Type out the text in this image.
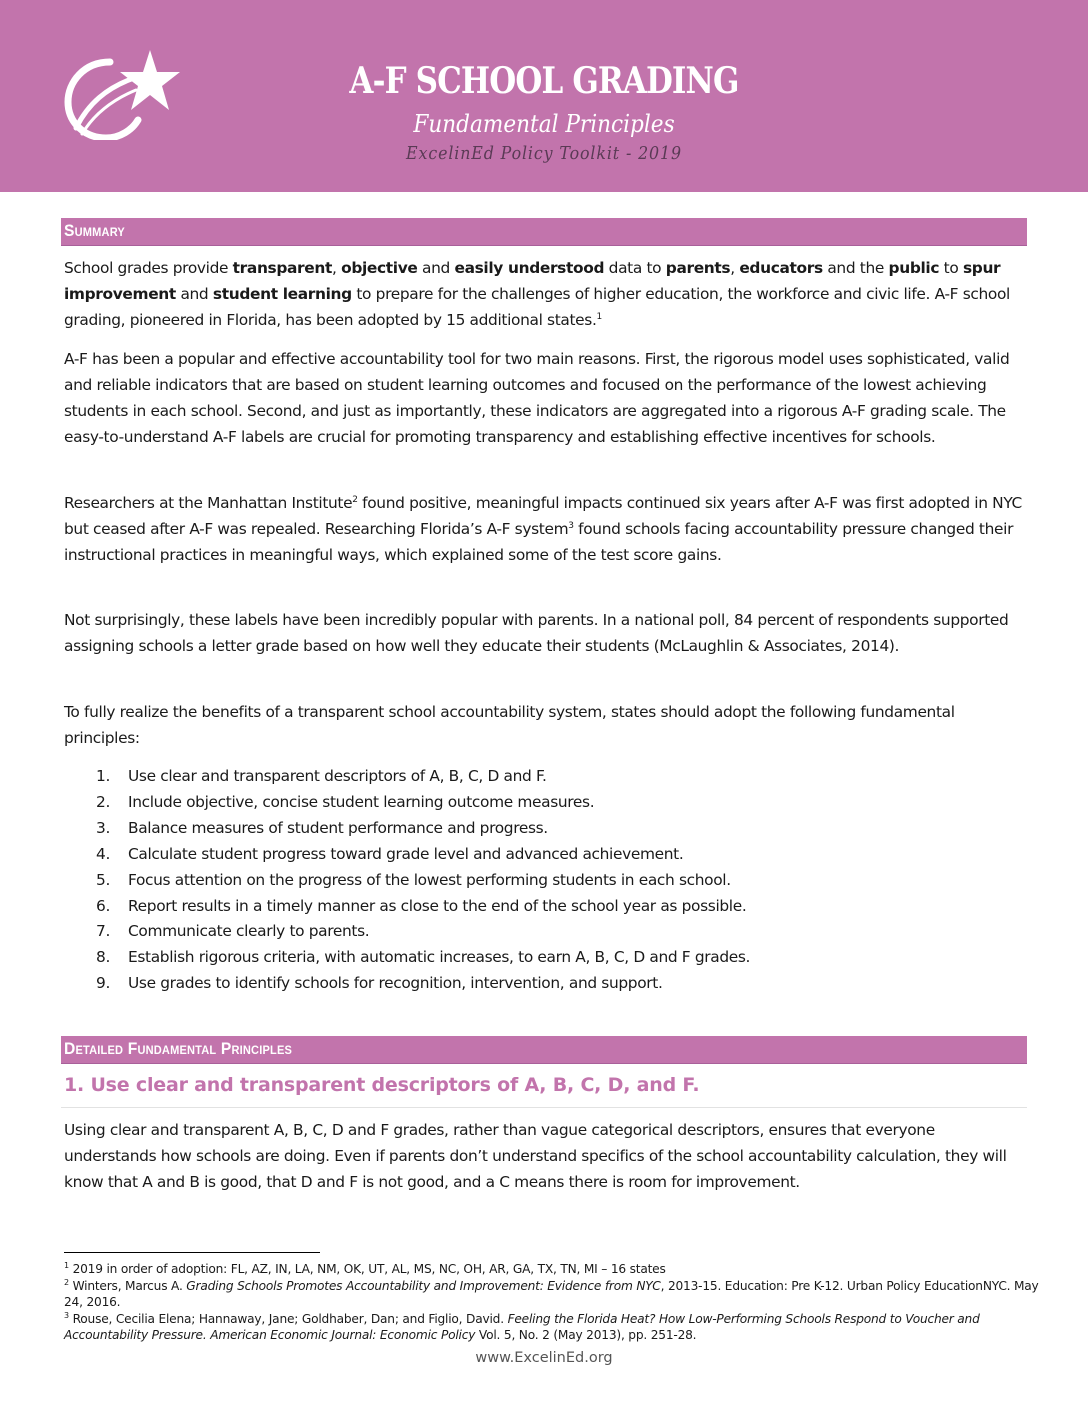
A-F SCHOOL GRADING
Fundamental Principles
ExcelinEd Policy Toolkit - 2019
Summary

School grades provide transparent, objective and easily understood data to parents, educators and the public to spur improvement and student learning to prepare for the challenges of higher education, the workforce and civic life. A-F school grading, pioneered in Florida, has been adopted by 15 additional states.$^1$

A-F has been a popular and effective accountability tool for two main reasons. First, the rigorous model uses sophisticated, valid and reliable indicators that are based on student learning outcomes and focused on the performance of the lowest achieving students in each school. Second, and just as importantly, these indicators are aggregated into a rigorous A-F grading scale. The easy-to-understand A-F labels are crucial for promoting transparency and establishing effective incentives for schools.

Researchers at the Manhattan Institute$^2$ found positive, meaningful impacts continued six years after A-F was first adopted in NYC but ceased after A-F was repealed. Researching Florida’s A-F system$^3$ found schools facing accountability pressure changed their instructional practices in meaningful ways, which explained some of the test score gains.

Not surprisingly, these labels have been incredibly popular with parents. In a national poll, 84 percent of respondents supported assigning schools a letter grade based on how well they educate their students (McLaughlin & Associates, 2014).

To fully realize the benefits of a transparent school accountability system, states should adopt the following fundamental principles:

1.	Use clear and transparent descriptors of A, B, C, D and F.
2.	Include objective, concise student learning outcome measures.
3.	Balance measures of student performance and progress.
4.	Calculate student progress toward grade level and advanced achievement.
5.	Focus attention on the progress of the lowest performing students in each school.
6.	Report results in a timely manner as close to the end of the school year as possible.
7.	Communicate clearly to parents.
8.	Establish rigorous criteria, with automatic increases, to earn A, B, C, D and F grades.
9.	Use grades to identify schools for recognition, intervention, and support.
Detailed Fundamental Principles
1. Use clear and transparent descriptors of A, B, C, D, and F.

Using clear and transparent A, B, C, D and F grades, rather than vague categorical descriptors, ensures that everyone understands how schools are doing. Even if parents don’t understand specifics of the school accountability calculation, they will know that A and B is good, that D and F is not good, and a C means there is room for improvement.

$^1$ 2019 in order of adoption: FL, AZ, IN, LA, NM, OK, UT, AL, MS, NC, OH, AR, GA, TX, TN, MI – 16 states

$^2$ Winters, Marcus A. Grading Schools Promotes Accountability and Improvement: Evidence from NYC, 2013-15. Education: Pre K-12. Urban Policy EducationNYC. May 24, 2016.

$^3$ Rouse, Cecilia Elena; Hannaway, Jane; Goldhaber, Dan; and Figlio, David. Feeling the Florida Heat? How Low-Performing Schools Respond to Voucher and Accountability Pressure. American Economic Journal: Economic Policy Vol. 5, No. 2 (May 2013), pp. 251-28.

www.ExcelinEd.org
